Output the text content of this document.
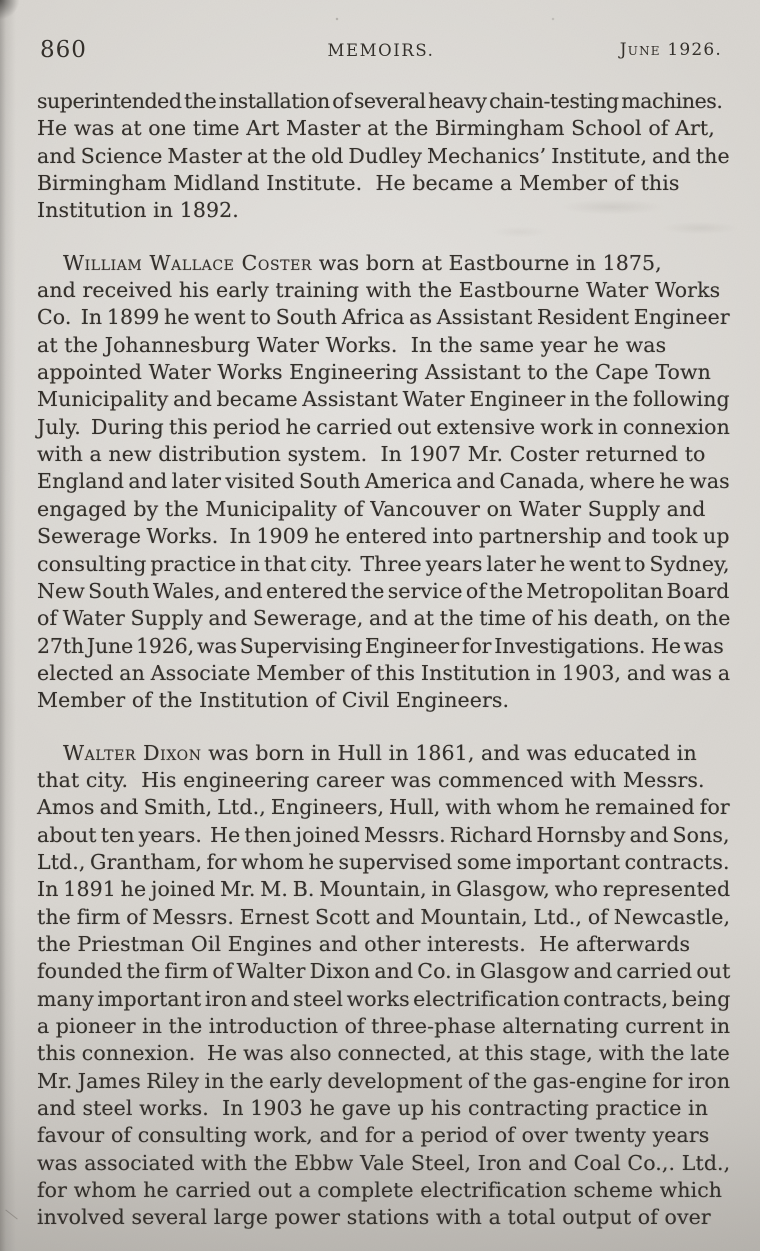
860	MEMOIRS.	June 1926.
superintended the installation of several heavy chain-testing machines.
He was at one time Art Master at the Birmingham School of Art,
and Science Master at the old Dudley Mechanics’ Institute, and the
Birmingham Midland Institute.  He became a Member of this
Institution in 1892.
William Wallace Coster was born at Eastbourne in 1875,
and received his early training with the Eastbourne Water Works
Co.  In 1899 he went to South Africa as Assistant Resident Engineer
at the Johannesburg Water Works.  In the same year he was
appointed Water Works Engineering Assistant to the Cape Town
Municipality and became Assistant Water Engineer in the following
July.  During this period he carried out extensive work in connexion
with a new distribution system.  In 1907 Mr. Coster returned to
England and later visited South America and Canada, where he was
engaged by the Municipality of Vancouver on Water Supply and
Sewerage Works.  In 1909 he entered into partnership and took up
consulting practice in that city.  Three years later he went to Sydney,
New South Wales, and entered the service of the Metropolitan Board
of Water Supply and Sewerage, and at the time of his death, on the
27th June 1926, was Supervising Engineer for Investigations.  He was
elected an Associate Member of this Institution in 1903, and was a
Member of the Institution of Civil Engineers.
Walter Dixon was born in Hull in 1861, and was educated in
that city.  His engineering career was commenced with Messrs.
Amos and Smith, Ltd., Engineers, Hull, with whom he remained for
about ten years.  He then joined Messrs. Richard Hornsby and Sons,
Ltd., Grantham, for whom he supervised some important contracts.
In 1891 he joined Mr. M. B. Mountain, in Glasgow, who represented
the firm of Messrs. Ernest Scott and Mountain, Ltd., of Newcastle,
the Priestman Oil Engines and other interests.  He afterwards
founded the firm of Walter Dixon and Co. in Glasgow and carried out
many important iron and steel works electrification contracts, being
a pioneer in the introduction of three-phase alternating current in
this connexion.  He was also connected, at this stage, with the late
Mr. James Riley in the early development of the gas-engine for iron
and steel works.  In 1903 he gave up his contracting practice in
favour of consulting work, and for a period of over twenty years
was associated with the Ebbw Vale Steel, Iron and Coal Co.,. Ltd.,
for whom he carried out a complete electrification scheme which
involved several large power stations with a total output of over
